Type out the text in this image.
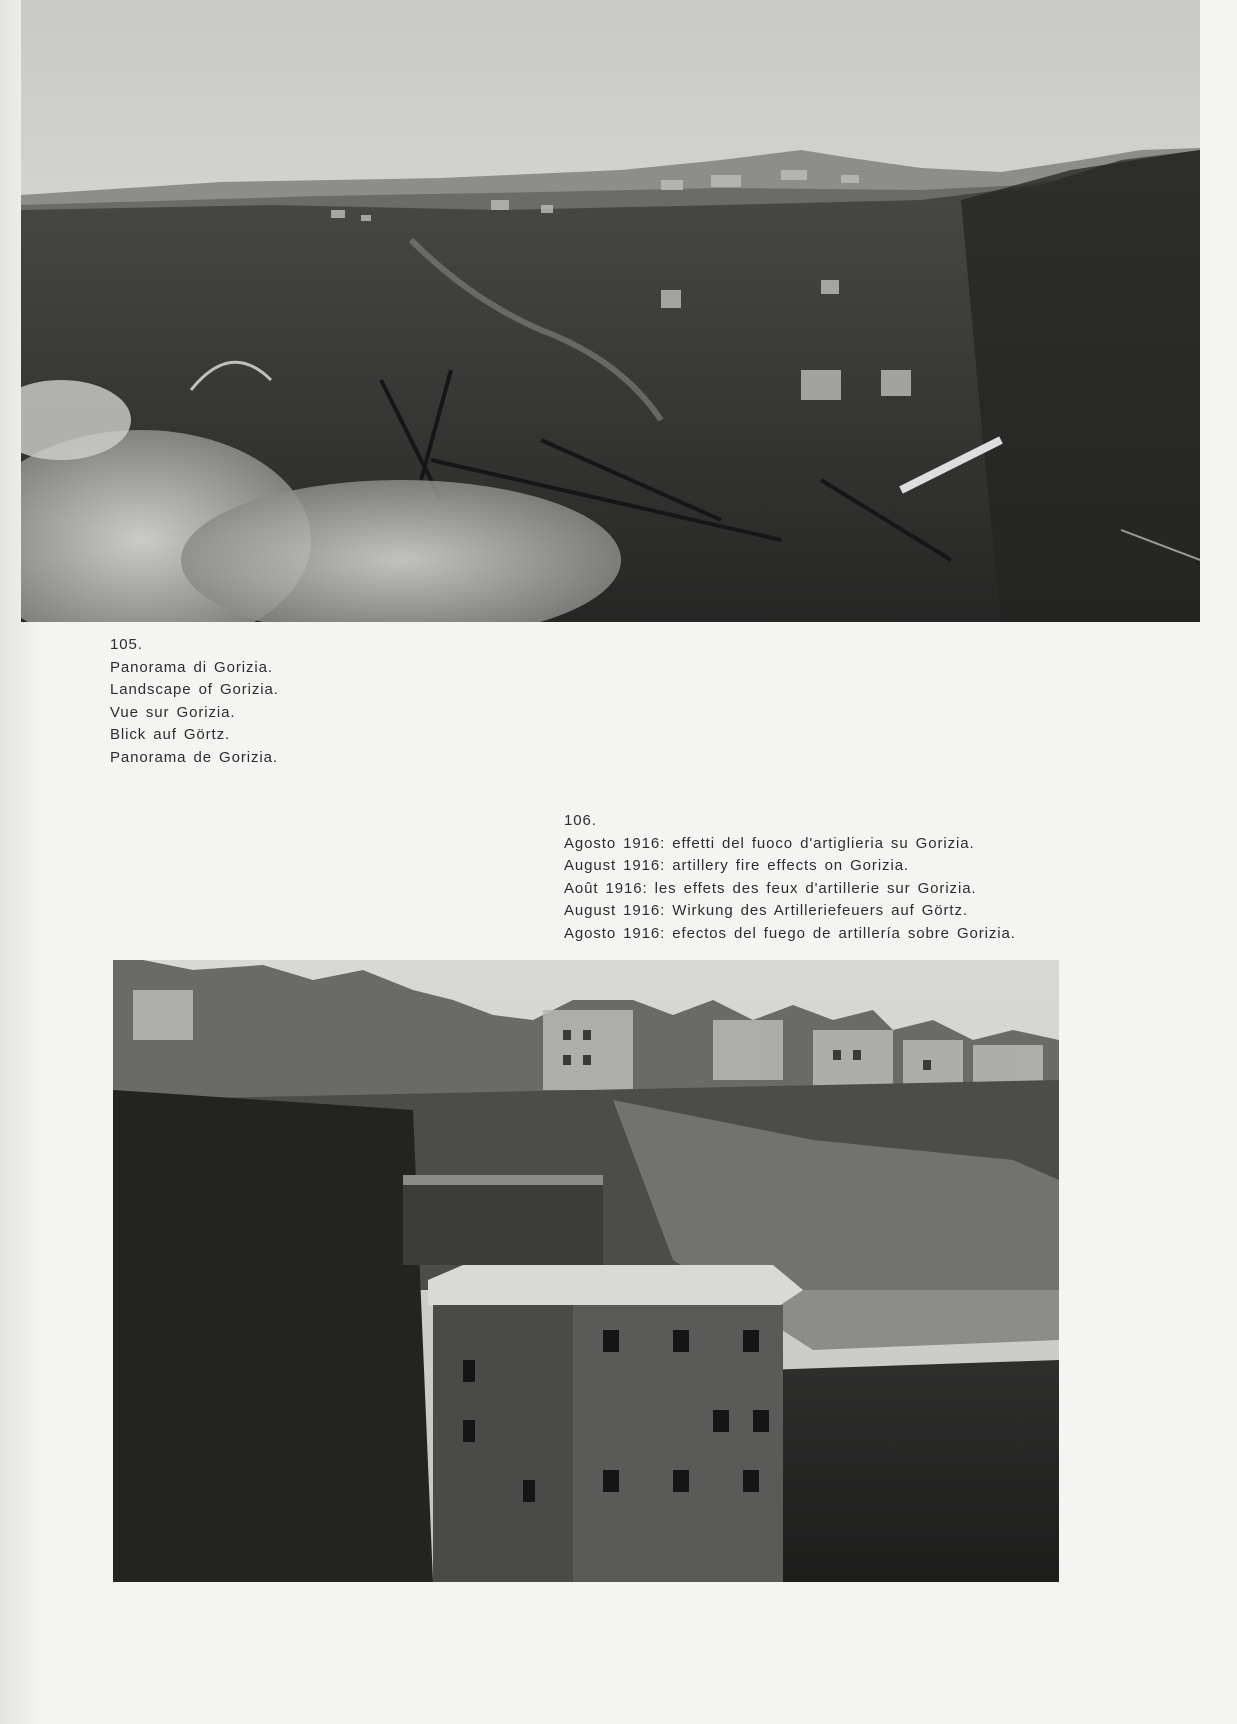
105.
Panorama di Gorizia.
Landscape of Gorizia.
Vue sur Gorizia.
Blick auf Görtz.
Panorama de Gorizia.
106.
Agosto 1916: effetti del fuoco d'artiglieria su Gorizia.
August 1916: artillery fire effects on Gorizia.
Août 1916: les effets des feux d'artillerie sur Gorizia.
August 1916: Wirkung des Artilleriefeuers auf Görtz.
Agosto 1916: efectos del fuego de artillería sobre Gorizia.
